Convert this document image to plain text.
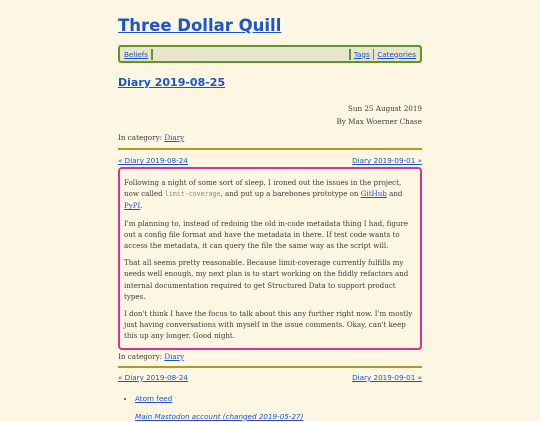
Three Dollar Quill
Beliefs	Tags Categories
Diary 2019-08-25
Sun 25 August 2019
By Max Woerner Chase
In category: Diary
« Diary 2019-08-24	Diary 2019-09-01 »

Following a night of some sort of sleep, I ironed out the issues in the project, now called limit-coverage, and put up a barebones prototype on GitHub and PyPI.

I'm planning to, instead of redoing the old in-code metadata thing I had, figure out a config file format and have the metadata in there. If test code wants to access the metadata, it can query the file the same way as the script will.

That all seems pretty reasonable. Because limit-coverage currently fulfills my needs well enough, my next plan is to start working on the fiddly refactors and internal documentation required to get Structured Data to support product types.

I don't think I have the focus to talk about this any further right now. I'm mostly just having conversations with myself in the issue comments. Okay, can't keep this up any longer. Good night.

In category: Diary
« Diary 2019-08-24	Diary 2019-09-01 »
• Atom feed
Main Mastodon account (changed 2019-05-27)
